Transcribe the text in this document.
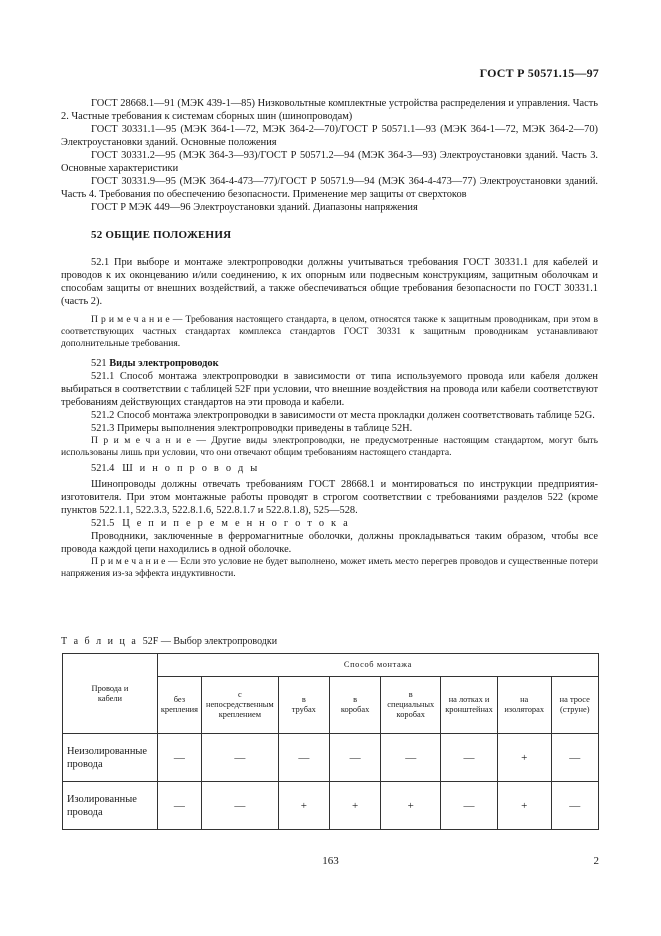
ГОСТ Р 50571.15—97

ГОСТ 28668.1—91 (МЭК 439-1—85) Низковольтные комплектные устройства распределения и управления. Часть 2. Частные требования к системам сборных шин (шинопроводам)

ГОСТ 30331.1—95 (МЭК 364-1—72, МЭК 364-2—70)/ГОСТ Р 50571.1—93 (МЭК 364-1—72, МЭК 364-2—70) Электроустановки зданий. Основные положения

ГОСТ 30331.2—95 (МЭК 364-3—93)/ГОСТ Р 50571.2—94 (МЭК 364-3—93) Электроустановки зданий. Часть 3. Основные характеристики

ГОСТ 30331.9—95 (МЭК 364-4-473—77)/ГОСТ Р 50571.9—94 (МЭК 364-4-473—77) Электроустановки зданий. Часть 4. Требования по обеспечению безопасности. Применение мер защиты от сверхтоков

ГОСТ Р МЭК 449—96 Электроустановки зданий. Диапазоны напряжения

52 ОБЩИЕ ПОЛОЖЕНИЯ

52.1 При выборе и монтаже электропроводки должны учитываться требования ГОСТ 30331.1 для кабелей и проводов к их оконцеванию и/или соединению, к их опорным или подвесным конструкциям, защитным оболочкам и способам защиты от внешних воздействий, а также обеспечиваться общие требования безопасности по ГОСТ 30331.1 (часть 2).

П р и м е ч а н и е — Требования настоящего стандарта, в целом, относятся также к защитным проводникам, при этом в соответствующих частных стандартах комплекса стандартов ГОСТ 30331 к защитным проводникам устанавливают дополнительные требования.

521 Виды электропроводок

521.1 Способ монтажа электропроводки в зависимости от типа используемого провода или кабеля должен выбираться в соответствии с таблицей 52F при условии, что внешние воздействия на провода или кабели соответствуют требованиям действующих стандартов на эти провода и кабели.

521.2 Способ монтажа электропроводки в зависимости от места прокладки должен соответствовать таблице 52G.

521.3 Примеры выполнения электропроводки приведены в таблице 52H.

П р и м е ч а н и е — Другие виды электропроводки, не предусмотренные настоящим стандартом, могут быть использованы лишь при условии, что они отвечают общим требованиям настоящего стандарта.

521.4 Ш и н о п р о в о д ы

Шинопроводы должны отвечать требованиям ГОСТ 28668.1 и монтироваться по инструкции предприятия-изготовителя. При этом монтажные работы проводят в строгом соответствии с требованиями разделов 522 (кроме пунктов 522.1.1, 522.3.3, 522.8.1.6, 522.8.1.7 и 522.8.1.8), 525—528.

521.5 Ц е п и п е р е м е н н о г о т о к а

Проводники, заключенные в ферромагнитные оболочки, должны прокладываться таким образом, чтобы все провода каждой цепи находились в одной оболочке.

П р и м е ч а н и е — Если это условие не будет выполнено, может иметь место перегрев проводов и существенные потери напряжения из-за эффекта индуктивности.

Т а б л и ц а 52F — Выбор электропроводки
Провода и кабели	Способ монтажа							
	без крепления	с непосредственным креплением	в трубах	в коробах	в специальных коробах	на лотках и кронштейнах	на изоляторах	на тросе (струне)
Неизолированные провода	—	—	—	—	—	—	+	—
Изолированные провода	—	—	+	+	+	—	+	—
163	2
